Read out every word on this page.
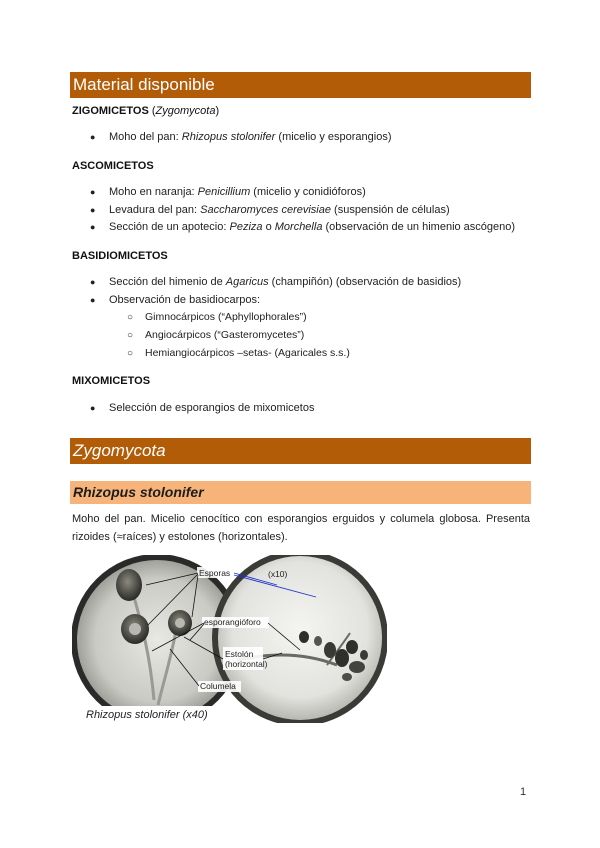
Material disponible
ZIGOMICETOS (Zygomycota)
● Moho del pan: Rhizopus stolonifer (micelio y esporangios)
ASCOMICETOS
● Moho en naranja: Penicillium (micelio y conidióforos)
● Levadura del pan: Saccharomyces cerevisiae (suspensión de células)
● Sección de un apotecio: Peziza o Morchella (observación de un himenio ascógeno)
BASIDIOMICETOS
● Sección del himenio de Agaricus (champiñón) (observación de basidios)
● Observación de basidiocarpos:
○ Gimnocárpicos (“Aphyllophorales”)
○ Angiocárpicos (“Gasteromycetes”)
○ Hemiangiocárpicos –setas- (Agaricales s.s.)
MIXOMICETOS
● Selección de esporangios de mixomicetos
Zygomycota
Rhizopus stolonifer
Moho del pan. Micelio cenocítico con esporangios erguidos y columela globosa. Presenta rizoides (≈raíces) y estolones (horizontales).
Esporas	(x10)
esporangióforo
Estolón
(horizontal)
Columela
Rhizopus stolonifer (x40)
1
